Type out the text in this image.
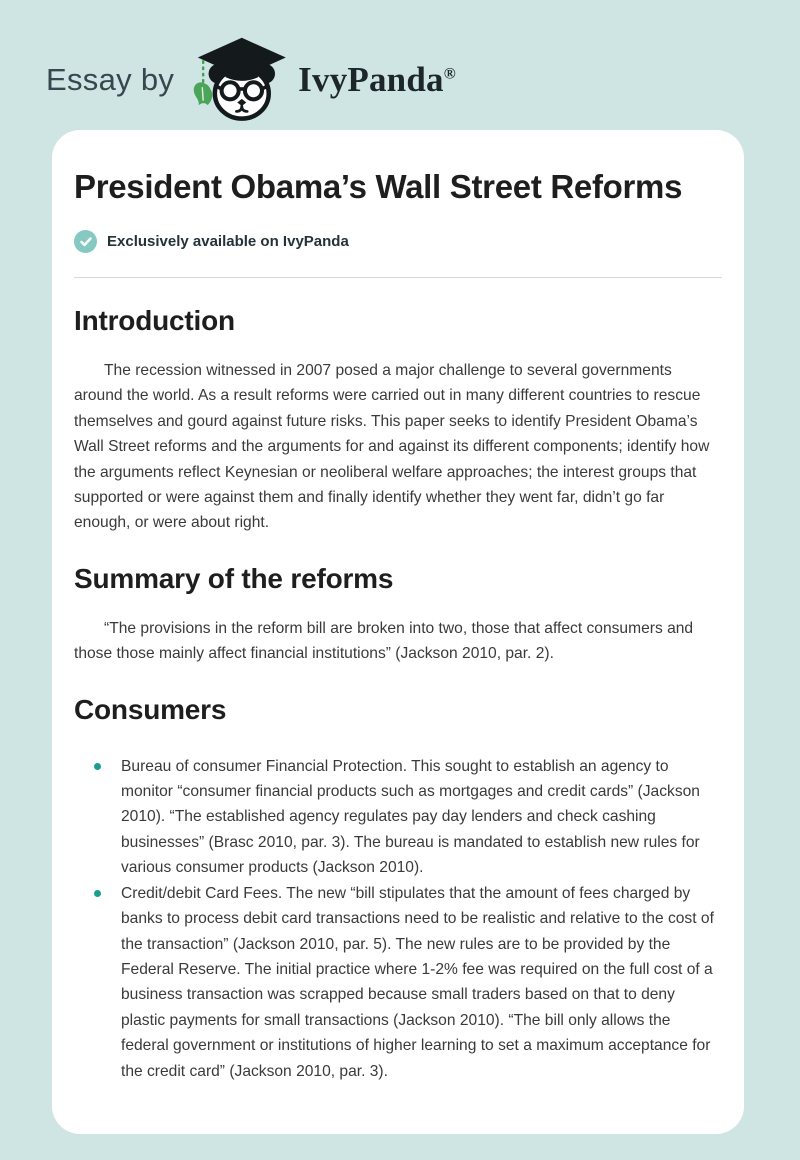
Essay by	IvyPanda®
President Obama’s Wall Street Reforms
Exclusively available on IvyPanda
Introduction

The recession witnessed in 2007 posed a major challenge to several governments around the world. As a result reforms were carried out in many different countries to rescue themselves and gourd against future risks. This paper seeks to identify President Obama’s Wall Street reforms and the arguments for and against its different components; identify how the arguments reflect Keynesian or neoliberal welfare approaches; the interest groups that supported or were against them and finally identify whether they went far, didn’t go far enough, or were about right.

Summary of the reforms

“The provisions in the reform bill are broken into two, those that affect consumers and those those mainly affect financial institutions” (Jackson 2010, par. 2).

Consumers
Bureau of consumer Financial Protection. This sought to establish an agency to monitor “consumer financial products such as mortgages and credit cards” (Jackson 2010). “The established agency regulates pay day lenders and check cashing businesses” (Brasc 2010, par. 3). The bureau is mandated to establish new rules for various consumer products (Jackson 2010).
Credit/debit Card Fees. The new “bill stipulates that the amount of fees charged by banks to process debit card transactions need to be realistic and relative to the cost of the transaction” (Jackson 2010, par. 5). The new rules are to be provided by the Federal Reserve. The initial practice where 1-2% fee was required on the full cost of a business transaction was scrapped because small traders based on that to deny plastic payments for small transactions (Jackson 2010). “The bill only allows the federal government or institutions of higher learning to set a maximum acceptance for the credit card” (Jackson 2010, par. 3).
